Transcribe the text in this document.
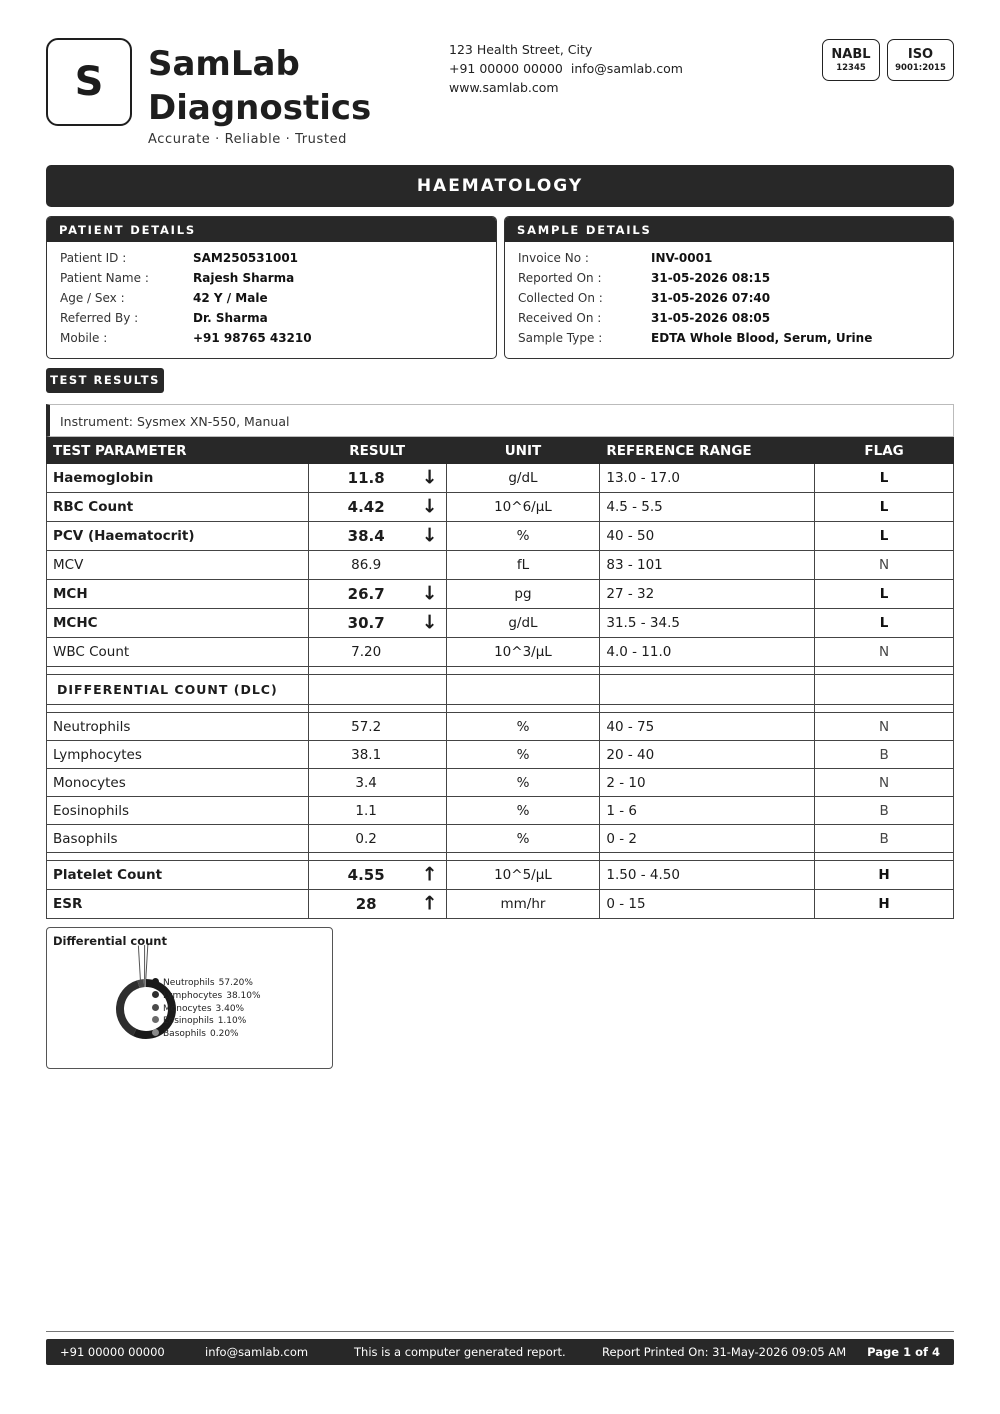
S	SamLab Diagnostics
Accurate · Reliable · Trusted
123 Health Street, City
+91 00000 00000 info@samlab.com
www.samlab.com
NABL
12345
ISO
9001:2015
HAEMATOLOGY
PATIENT DETAILS
Patient ID :	SAM250531001
Patient Name :	Rajesh Sharma
Age / Sex :	42 Y / Male
Referred By :	Dr. Sharma
Mobile :	+91 98765 43210
SAMPLE DETAILS
Invoice No :	INV-0001
Reported On :	31-05-2026 08:15
Collected On :	31-05-2026 07:40
Received On :	31-05-2026 08:05
Sample Type :	EDTA Whole Blood, Serum, Urine
TEST RESULTS
Instrument: Sysmex XN-550, Manual
TEST PARAMETER	RESULT	UNIT	REFERENCE RANGE	FLAG
Haemoglobin	11.8 ↓	g/dL	13.0 - 17.0	L
RBC Count	4.42 ↓	10^6/µL	4.5 - 5.5	L
PCV (Haematocrit)	38.4 ↓	%	40 - 50	L
MCV	86.9	fL	83 - 101	N
MCH	26.7 ↓	pg	27 - 32	L
MCHC	30.7 ↓	g/dL	31.5 - 34.5	L
WBC Count	7.20	10^3/µL	4.0 - 11.0	N

DIFFERENTIAL COUNT (DLC)				

Neutrophils	57.2	%	40 - 75	N
Lymphocytes	38.1	%	20 - 40	B
Monocytes	3.4	%	2 - 10	N
Eosinophils	1.1	%	1 - 6	B
Basophils	0.2	%	0 - 2	B

Platelet Count	4.55 ↑	10^5/µL	1.50 - 4.50	H
ESR	28 ↑	mm/hr	0 - 15	H
Differential count
Neutrophils 57.20%
Lymphocytes 38.10%
Monocytes 3.40%
Eosinophils 1.10%
Basophils 0.20%
+91 00000 00000	info@samlab.com	This is a computer generated report.	Report Printed On: 31-May-2026 09:05 AM Page 1 of 4
